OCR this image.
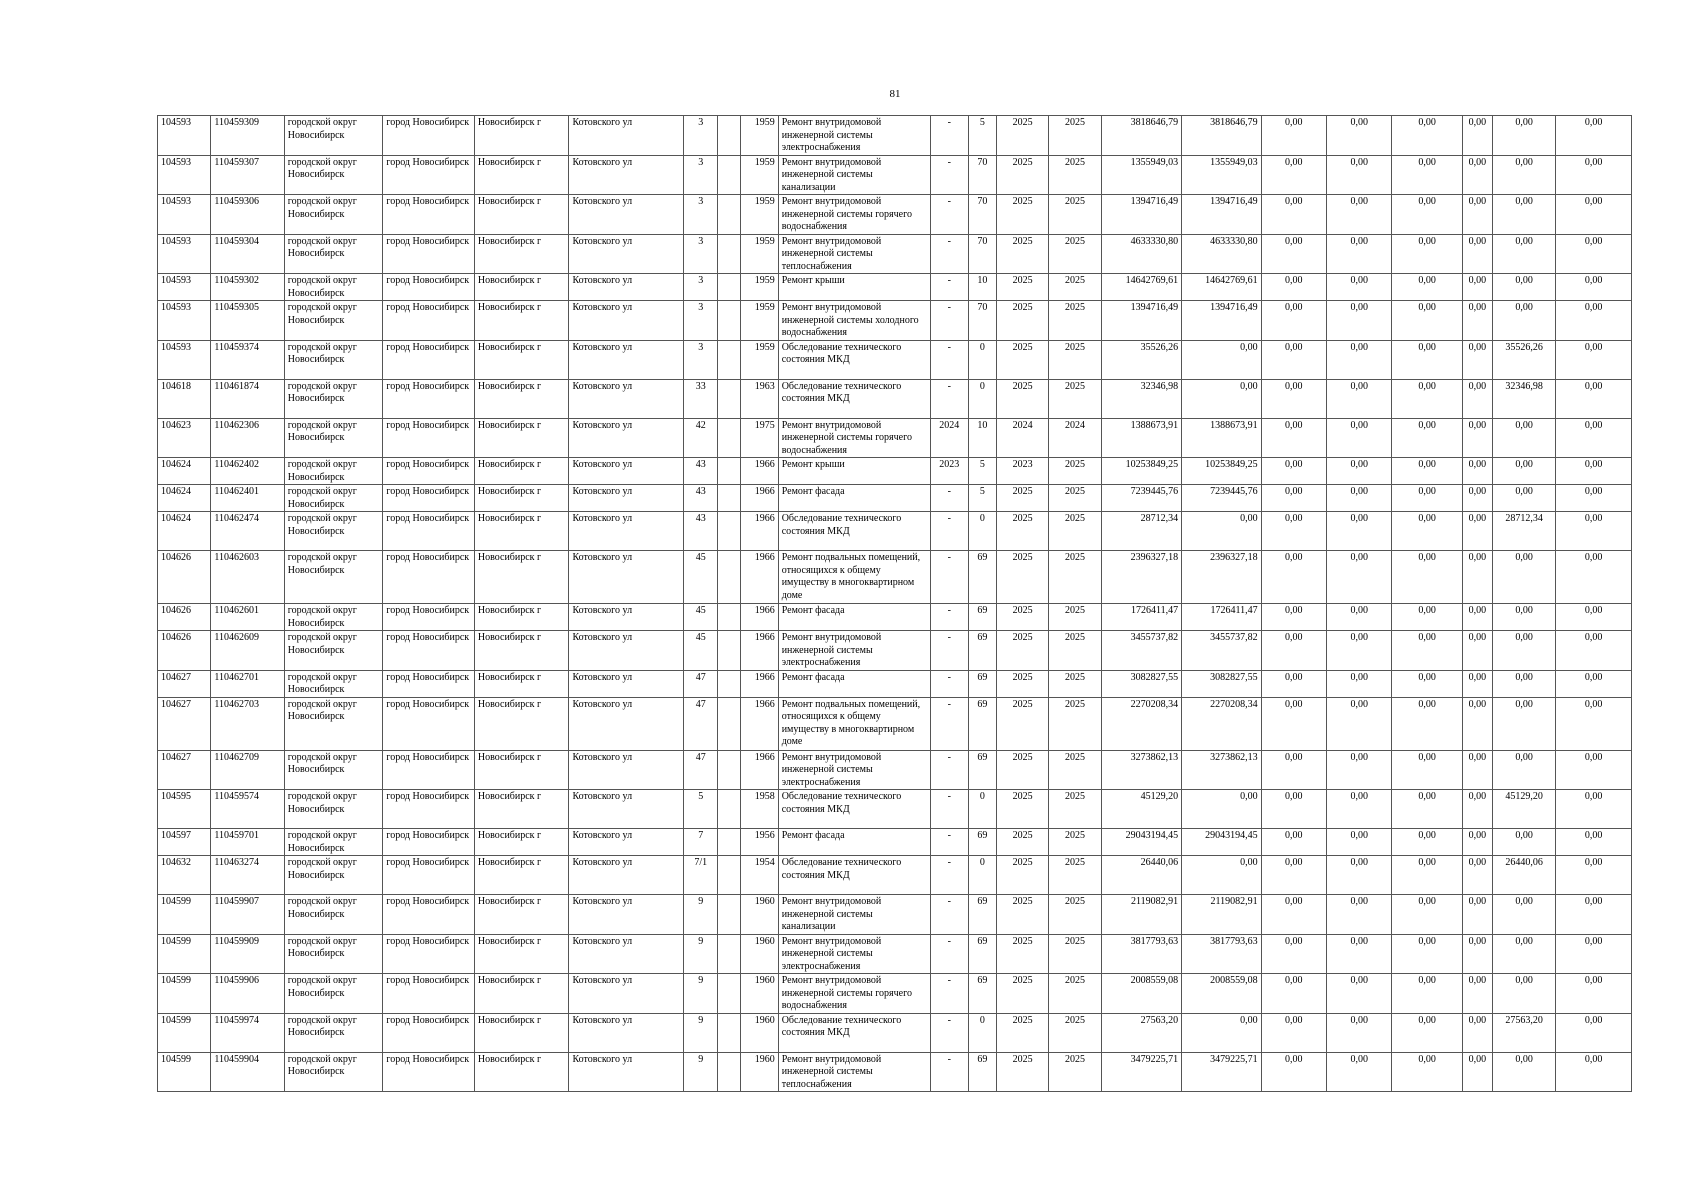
81
104593	110459309	городской округ Новосибирск	город Новосибирск	Новосибирск г	Котовского ул	3		1959	Ремонт внутридомовой инженерной системы электроснабжения	-	5	2025	2025	3818646,79	3818646,79	0,00	0,00	0,00	0,00	0,00	0,00
104593	110459307	городской округ Новосибирск	город Новосибирск	Новосибирск г	Котовского ул	3		1959	Ремонт внутридомовой инженерной системы канализации	-	70	2025	2025	1355949,03	1355949,03	0,00	0,00	0,00	0,00	0,00	0,00
104593	110459306	городской округ Новосибирск	город Новосибирск	Новосибирск г	Котовского ул	3		1959	Ремонт внутридомовой инженерной системы горячего водоснабжения	-	70	2025	2025	1394716,49	1394716,49	0,00	0,00	0,00	0,00	0,00	0,00
104593	110459304	городской округ Новосибирск	город Новосибирск	Новосибирск г	Котовского ул	3		1959	Ремонт внутридомовой инженерной системы теплоснабжения	-	70	2025	2025	4633330,80	4633330,80	0,00	0,00	0,00	0,00	0,00	0,00
104593	110459302	городской округ Новосибирск	город Новосибирск	Новосибирск г	Котовского ул	3		1959	Ремонт крыши	-	10	2025	2025	14642769,61	14642769,61	0,00	0,00	0,00	0,00	0,00	0,00
104593	110459305	городской округ Новосибирск	город Новосибирск	Новосибирск г	Котовского ул	3		1959	Ремонт внутридомовой инженерной системы холодного водоснабжения	-	70	2025	2025	1394716,49	1394716,49	0,00	0,00	0,00	0,00	0,00	0,00
104593	110459374	городской округ Новосибирск	город Новосибирск	Новосибирск г	Котовского ул	3		1959	Обследование технического состояния МКД	-	0	2025	2025	35526,26	0,00	0,00	0,00	0,00	0,00	35526,26	0,00
104618	110461874	городской округ Новосибирск	город Новосибирск	Новосибирск г	Котовского ул	33		1963	Обследование технического состояния МКД	-	0	2025	2025	32346,98	0,00	0,00	0,00	0,00	0,00	32346,98	0,00
104623	110462306	городской округ Новосибирск	город Новосибирск	Новосибирск г	Котовского ул	42		1975	Ремонт внутридомовой инженерной системы горячего водоснабжения	2024	10	2024	2024	1388673,91	1388673,91	0,00	0,00	0,00	0,00	0,00	0,00
104624	110462402	городской округ Новосибирск	город Новосибирск	Новосибирск г	Котовского ул	43		1966	Ремонт крыши	2023	5	2023	2025	10253849,25	10253849,25	0,00	0,00	0,00	0,00	0,00	0,00
104624	110462401	городской округ Новосибирск	город Новосибирск	Новосибирск г	Котовского ул	43		1966	Ремонт фасада	-	5	2025	2025	7239445,76	7239445,76	0,00	0,00	0,00	0,00	0,00	0,00
104624	110462474	городской округ Новосибирск	город Новосибирск	Новосибирск г	Котовского ул	43		1966	Обследование технического состояния МКД	-	0	2025	2025	28712,34	0,00	0,00	0,00	0,00	0,00	28712,34	0,00
104626	110462603	городской округ Новосибирск	город Новосибирск	Новосибирск г	Котовского ул	45		1966	Ремонт подвальных помещений, относящихся к общему имуществу в многоквартирном доме	-	69	2025	2025	2396327,18	2396327,18	0,00	0,00	0,00	0,00	0,00	0,00
104626	110462601	городской округ Новосибирск	город Новосибирск	Новосибирск г	Котовского ул	45		1966	Ремонт фасада	-	69	2025	2025	1726411,47	1726411,47	0,00	0,00	0,00	0,00	0,00	0,00
104626	110462609	городской округ Новосибирск	город Новосибирск	Новосибирск г	Котовского ул	45		1966	Ремонт внутридомовой инженерной системы электроснабжения	-	69	2025	2025	3455737,82	3455737,82	0,00	0,00	0,00	0,00	0,00	0,00
104627	110462701	городской округ Новосибирск	город Новосибирск	Новосибирск г	Котовского ул	47		1966	Ремонт фасада	-	69	2025	2025	3082827,55	3082827,55	0,00	0,00	0,00	0,00	0,00	0,00
104627	110462703	городской округ Новосибирск	город Новосибирск	Новосибирск г	Котовского ул	47		1966	Ремонт подвальных помещений, относящихся к общему имуществу в многоквартирном доме	-	69	2025	2025	2270208,34	2270208,34	0,00	0,00	0,00	0,00	0,00	0,00
104627	110462709	городской округ Новосибирск	город Новосибирск	Новосибирск г	Котовского ул	47		1966	Ремонт внутридомовой инженерной системы электроснабжения	-	69	2025	2025	3273862,13	3273862,13	0,00	0,00	0,00	0,00	0,00	0,00
104595	110459574	городской округ Новосибирск	город Новосибирск	Новосибирск г	Котовского ул	5		1958	Обследование технического состояния МКД	-	0	2025	2025	45129,20	0,00	0,00	0,00	0,00	0,00	45129,20	0,00
104597	110459701	городской округ Новосибирск	город Новосибирск	Новосибирск г	Котовского ул	7		1956	Ремонт фасада	-	69	2025	2025	29043194,45	29043194,45	0,00	0,00	0,00	0,00	0,00	0,00
104632	110463274	городской округ Новосибирск	город Новосибирск	Новосибирск г	Котовского ул	7/1		1954	Обследование технического состояния МКД	-	0	2025	2025	26440,06	0,00	0,00	0,00	0,00	0,00	26440,06	0,00
104599	110459907	городской округ Новосибирск	город Новосибирск	Новосибирск г	Котовского ул	9		1960	Ремонт внутридомовой инженерной системы канализации	-	69	2025	2025	2119082,91	2119082,91	0,00	0,00	0,00	0,00	0,00	0,00
104599	110459909	городской округ Новосибирск	город Новосибирск	Новосибирск г	Котовского ул	9		1960	Ремонт внутридомовой инженерной системы электроснабжения	-	69	2025	2025	3817793,63	3817793,63	0,00	0,00	0,00	0,00	0,00	0,00
104599	110459906	городской округ Новосибирск	город Новосибирск	Новосибирск г	Котовского ул	9		1960	Ремонт внутридомовой инженерной системы горячего водоснабжения	-	69	2025	2025	2008559,08	2008559,08	0,00	0,00	0,00	0,00	0,00	0,00
104599	110459974	городской округ Новосибирск	город Новосибирск	Новосибирск г	Котовского ул	9		1960	Обследование технического состояния МКД	-	0	2025	2025	27563,20	0,00	0,00	0,00	0,00	0,00	27563,20	0,00
104599	110459904	городской округ Новосибирск	город Новосибирск	Новосибирск г	Котовского ул	9		1960	Ремонт внутридомовой инженерной системы теплоснабжения	-	69	2025	2025	3479225,71	3479225,71	0,00	0,00	0,00	0,00	0,00	0,00
